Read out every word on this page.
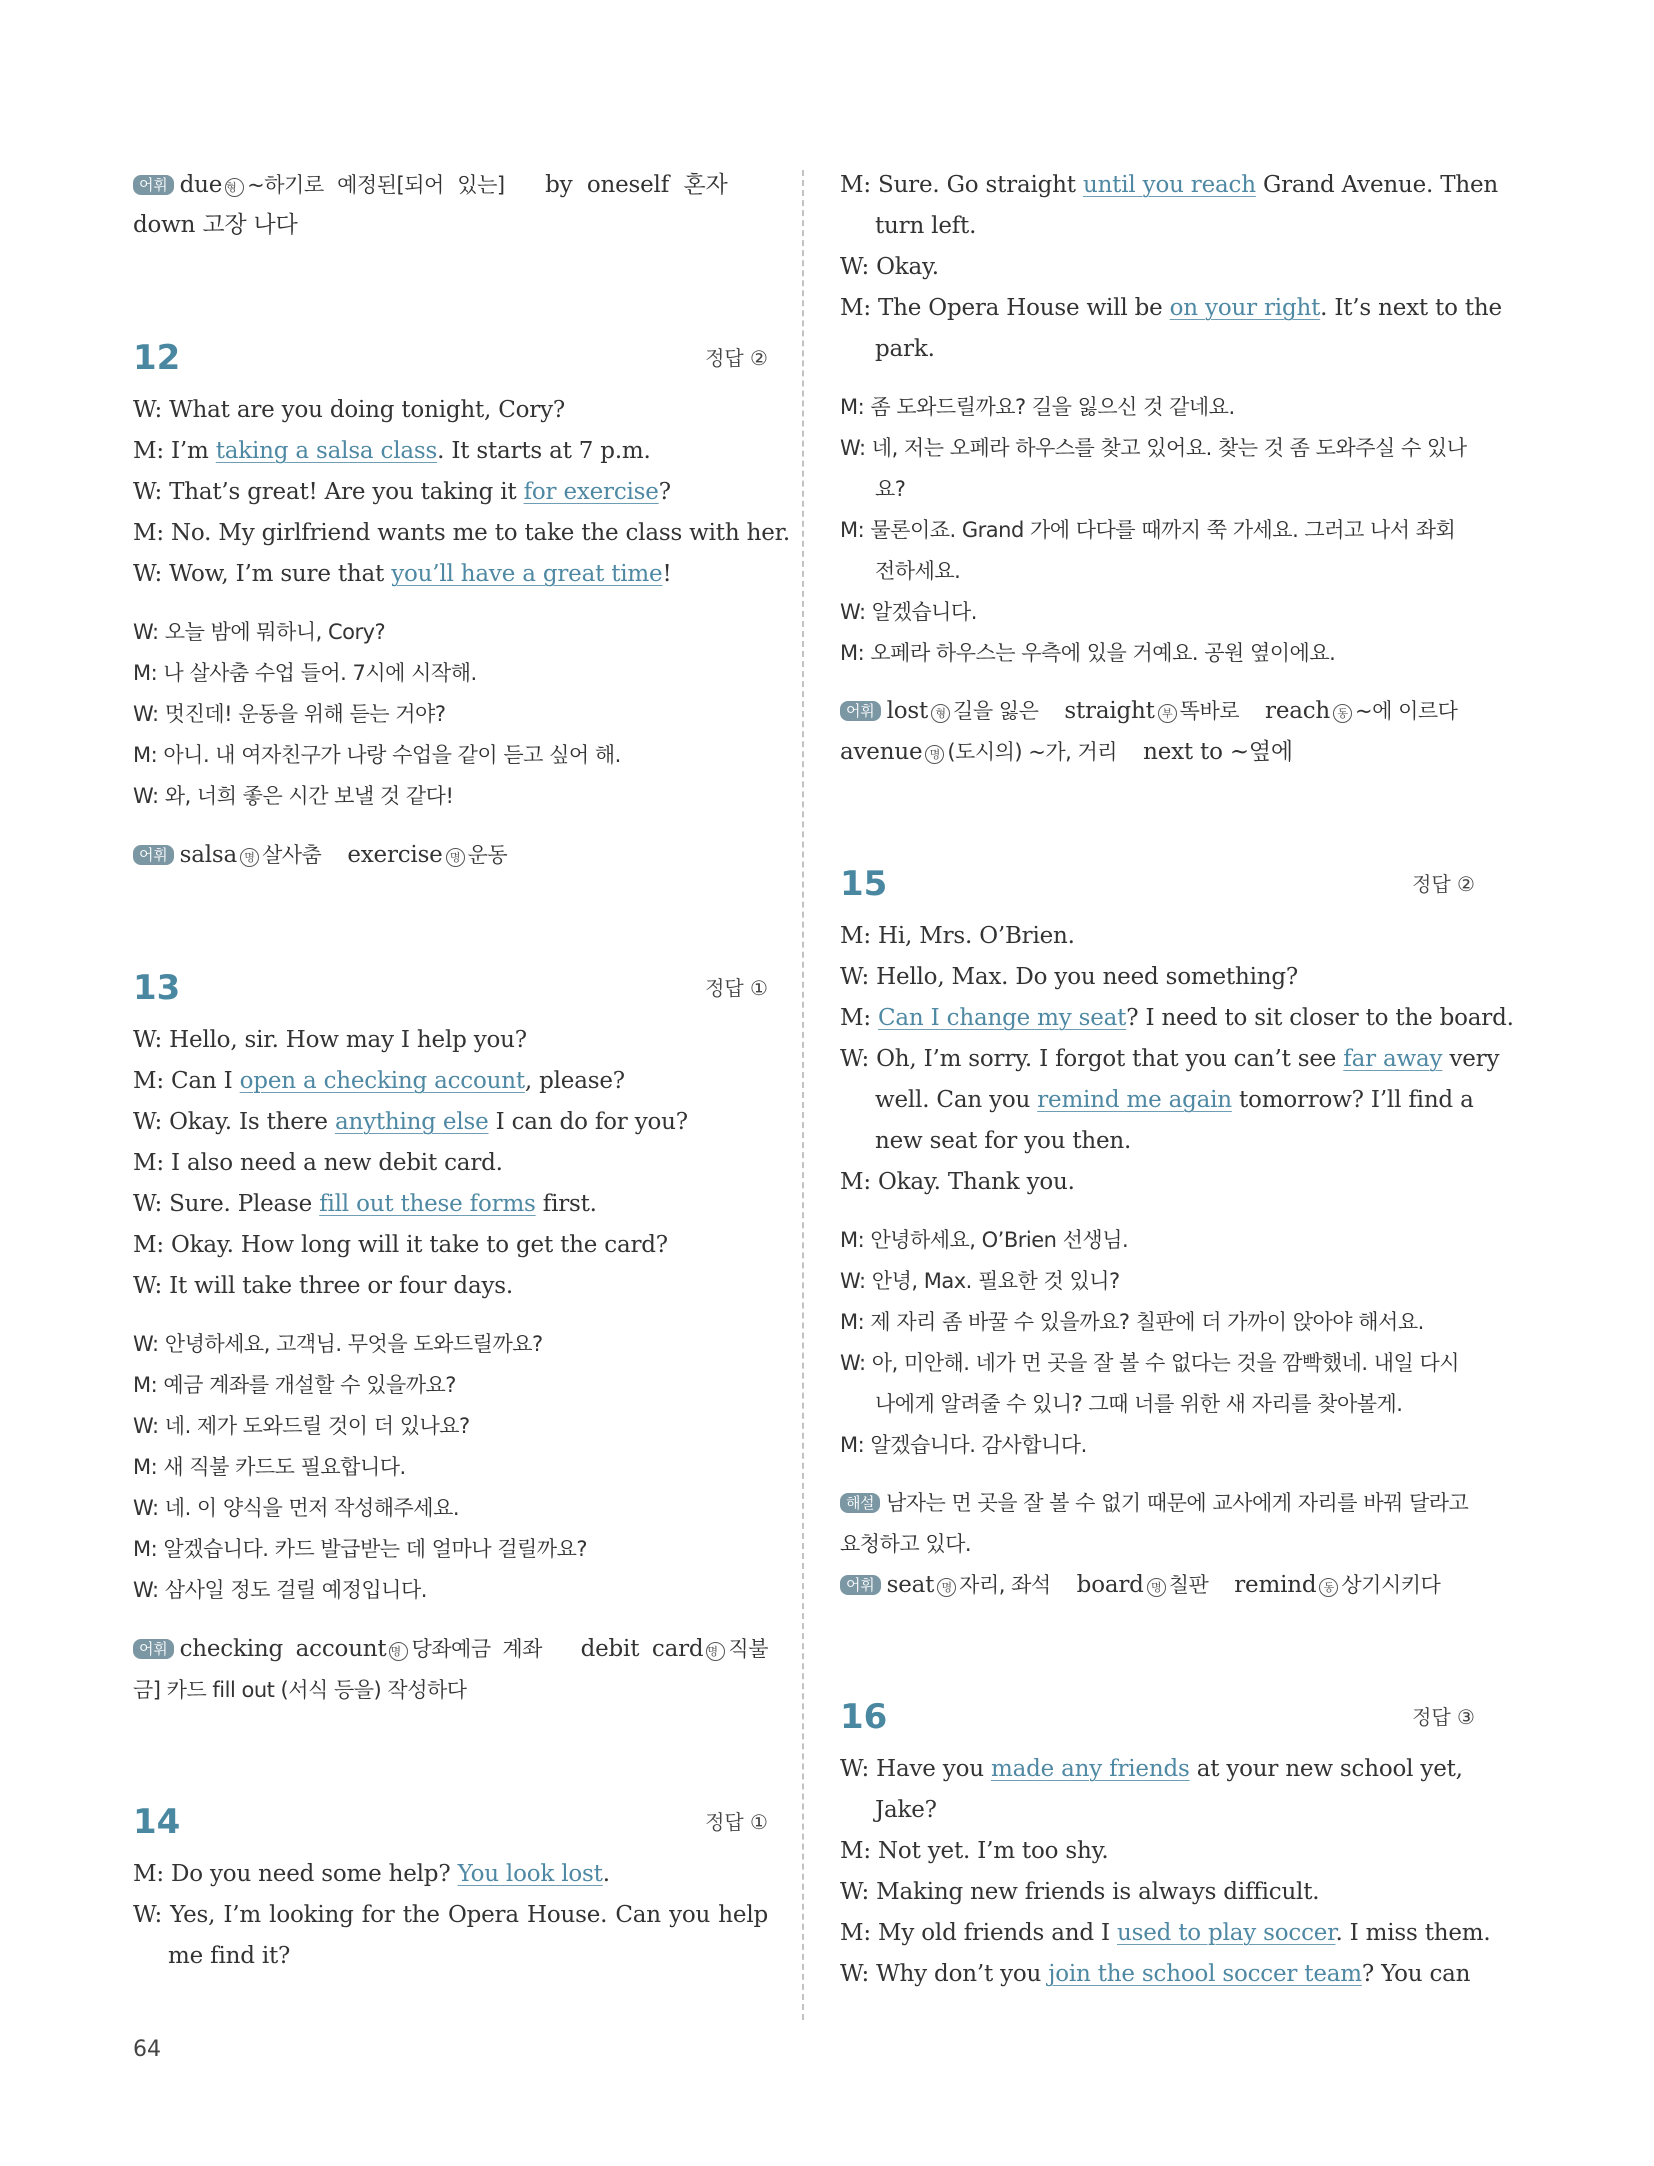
어휘 due 형 ~하기로 예정된[되어 있는] by oneself 혼자
down 고장 나다
12	정답 ②
W: What are you doing tonight, Cory?
M: I’m taking a salsa class. It starts at 7 p.m.
W: That’s great! Are you taking it for exercise?
M: No. My girlfriend wants me to take the class with her.
W: Wow, I’m sure that you’ll have a great time!
W: 오늘 밤에 뭐하니, Cory?
M: 나 살사춤 수업 들어. 7시에 시작해.
W: 멋진데! 운동을 위해 듣는 거야?
M: 아니. 내 여자친구가 나랑 수업을 같이 듣고 싶어 해.
W: 와, 너희 좋은 시간 보낼 것 같다!
어휘 salsa 명 살사춤 exercise 명 운동
13	정답 ①
W: Hello, sir. How may I help you?
M: Can I open a checking account, please?
W: Okay. Is there anything else I can do for you?
M: I also need a new debit card.
W: Sure. Please fill out these forms first.
M: Okay. How long will it take to get the card?
W: It will take three or four days.
W: 안녕하세요, 고객님. 무엇을 도와드릴까요?
M: 예금 계좌를 개설할 수 있을까요?
W: 네. 제가 도와드릴 것이 더 있나요?
M: 새 직불 카드도 필요합니다.
W: 네. 이 양식을 먼저 작성해주세요.
M: 알겠습니다. 카드 발급받는 데 얼마나 걸릴까요?
W: 삼사일 정도 걸릴 예정입니다.
어휘 checking account 명 당좌예금 계좌 debit card 명 직불
금] 카드 fill out (서식 등을) 작성하다
14	정답 ①
M: Do you need some help? You look lost.
W: Yes, I’m looking for the Opera House. Can you help
me find it?
64
M: Sure. Go straight until you reach Grand Avenue. Then
turn left.
W: Okay.
M: The Opera House will be on your right. It’s next to the
park.
M: 좀 도와드릴까요? 길을 잃으신 것 같네요.
W: 네, 저는 오페라 하우스를 찾고 있어요. 찾는 것 좀 도와주실 수 있나
요?
M: 물론이죠. Grand 가에 다다를 때까지 쭉 가세요. 그러고 나서 좌회
전하세요.
W: 알겠습니다.
M: 오페라 하우스는 우측에 있을 거예요. 공원 옆이에요.
어휘 lost 형 길을 잃은 straight 부 똑바로 reach 동 ~에 이르다
avenue 명 (도시의) ~가, 거리 next to ~옆에
15	정답 ②
M: Hi, Mrs. O’Brien.
W: Hello, Max. Do you need something?
M: Can I change my seat? I need to sit closer to the board.
W: Oh, I’m sorry. I forgot that you can’t see far away very
well. Can you remind me again tomorrow? I’ll find a
new seat for you then.
M: Okay. Thank you.
M: 안녕하세요, O’Brien 선생님.
W: 안녕, Max. 필요한 것 있니?
M: 제 자리 좀 바꿀 수 있을까요? 칠판에 더 가까이 앉아야 해서요.
W: 아, 미안해. 네가 먼 곳을 잘 볼 수 없다는 것을 깜빡했네. 내일 다시
나에게 알려줄 수 있니? 그때 너를 위한 새 자리를 찾아볼게.
M: 알겠습니다. 감사합니다.
해설 남자는 먼 곳을 잘 볼 수 없기 때문에 교사에게 자리를 바꿔 달라고
요청하고 있다.
어휘 seat 명 자리, 좌석 board 명 칠판 remind 동 상기시키다
16	정답 ③
W: Have you made any friends at your new school yet,
Jake?
M: Not yet. I’m too shy.
W: Making new friends is always difficult.
M: My old friends and I used to play soccer. I miss them.
W: Why don’t you join the school soccer team? You can
